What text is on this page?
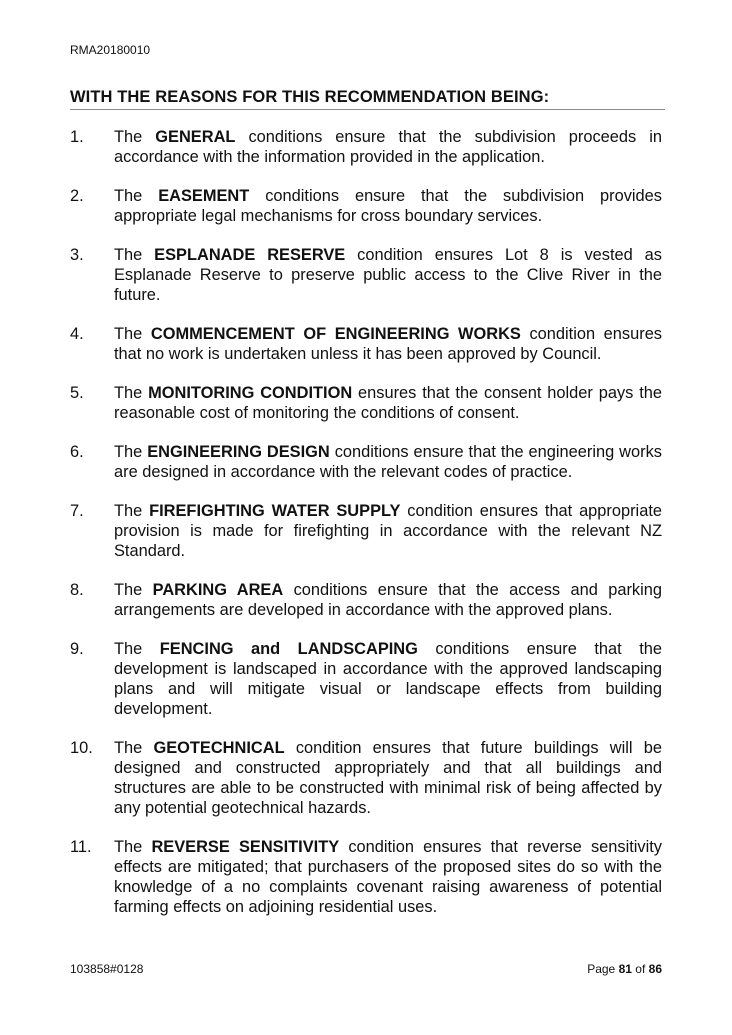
RMA20180010
WITH THE REASONS FOR THIS RECOMMENDATION BEING:
1. The GENERAL conditions ensure that the subdivision proceeds in accordance with the information provided in the application.
2. The EASEMENT conditions ensure that the subdivision provides appropriate legal mechanisms for cross boundary services.
3. The ESPLANADE RESERVE condition ensures Lot 8 is vested as Esplanade Reserve to preserve public access to the Clive River in the future.
4. The COMMENCEMENT OF ENGINEERING WORKS condition ensures that no work is undertaken unless it has been approved by Council.
5. The MONITORING CONDITION ensures that the consent holder pays the reasonable cost of monitoring the conditions of consent.
6. The ENGINEERING DESIGN conditions ensure that the engineering works are designed in accordance with the relevant codes of practice.
7. The FIREFIGHTING WATER SUPPLY condition ensures that appropriate provision is made for firefighting in accordance with the relevant NZ Standard.
8. The PARKING AREA conditions ensure that the access and parking arrangements are developed in accordance with the approved plans.
9. The FENCING and LANDSCAPING conditions ensure that the development is landscaped in accordance with the approved landscaping plans and will mitigate visual or landscape effects from building development.
10. The GEOTECHNICAL condition ensures that future buildings will be designed and constructed appropriately and that all buildings and structures are able to be constructed with minimal risk of being affected by any potential geotechnical hazards.
11. The REVERSE SENSITIVITY condition ensures that reverse sensitivity effects are mitigated; that purchasers of the proposed sites do so with the knowledge of a no complaints covenant raising awareness of potential farming effects on adjoining residential uses.
103858#0128	Page 81 of 86
